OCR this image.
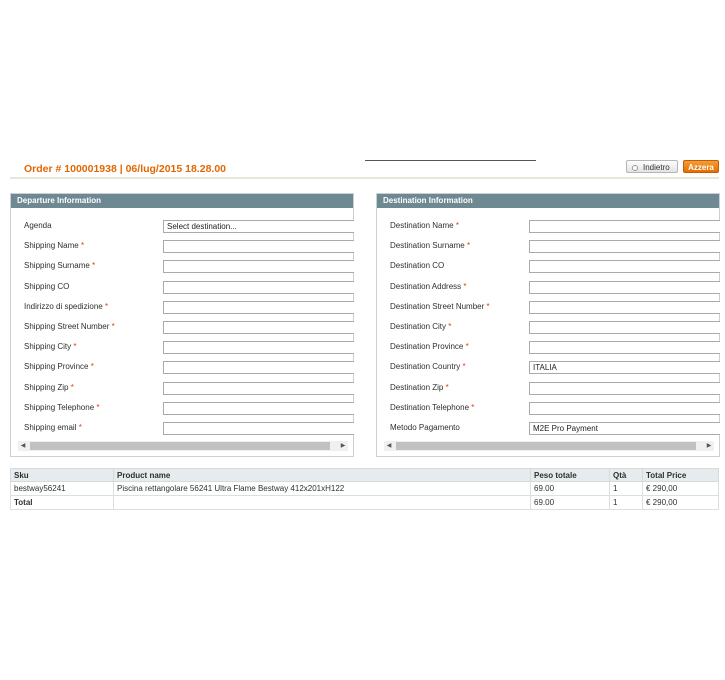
Order # 100001938 | 06/lug/2015 18.28.00	Indietro	Azzera
Departure Information
Agenda	Select destination...
Shipping Name *
Shipping Surname *
Shipping CO
Indirizzo di spedizione *
Shipping Street Number *
Shipping City *
Shipping Province *
Shipping Zip *
Shipping Telephone *
Shipping email *
◀	▶
Destination Information
Destination Name *
Destination Surname *
Destination CO
Destination Address *
Destination Street Number *
Destination City *
Destination Province *
Destination Country *	ITALIA
Destination Zip *
Destination Telephone *
Metodo Pagamento	M2E Pro Payment
◀	▶
Sku	Product name	Peso totale	Qtà	Total Price
bestway56241	Piscina rettangolare 56241 Ultra Flame Bestway 412x201xH122	69.00	1	€ 290,00
Total		69.00	1	€ 290,00
